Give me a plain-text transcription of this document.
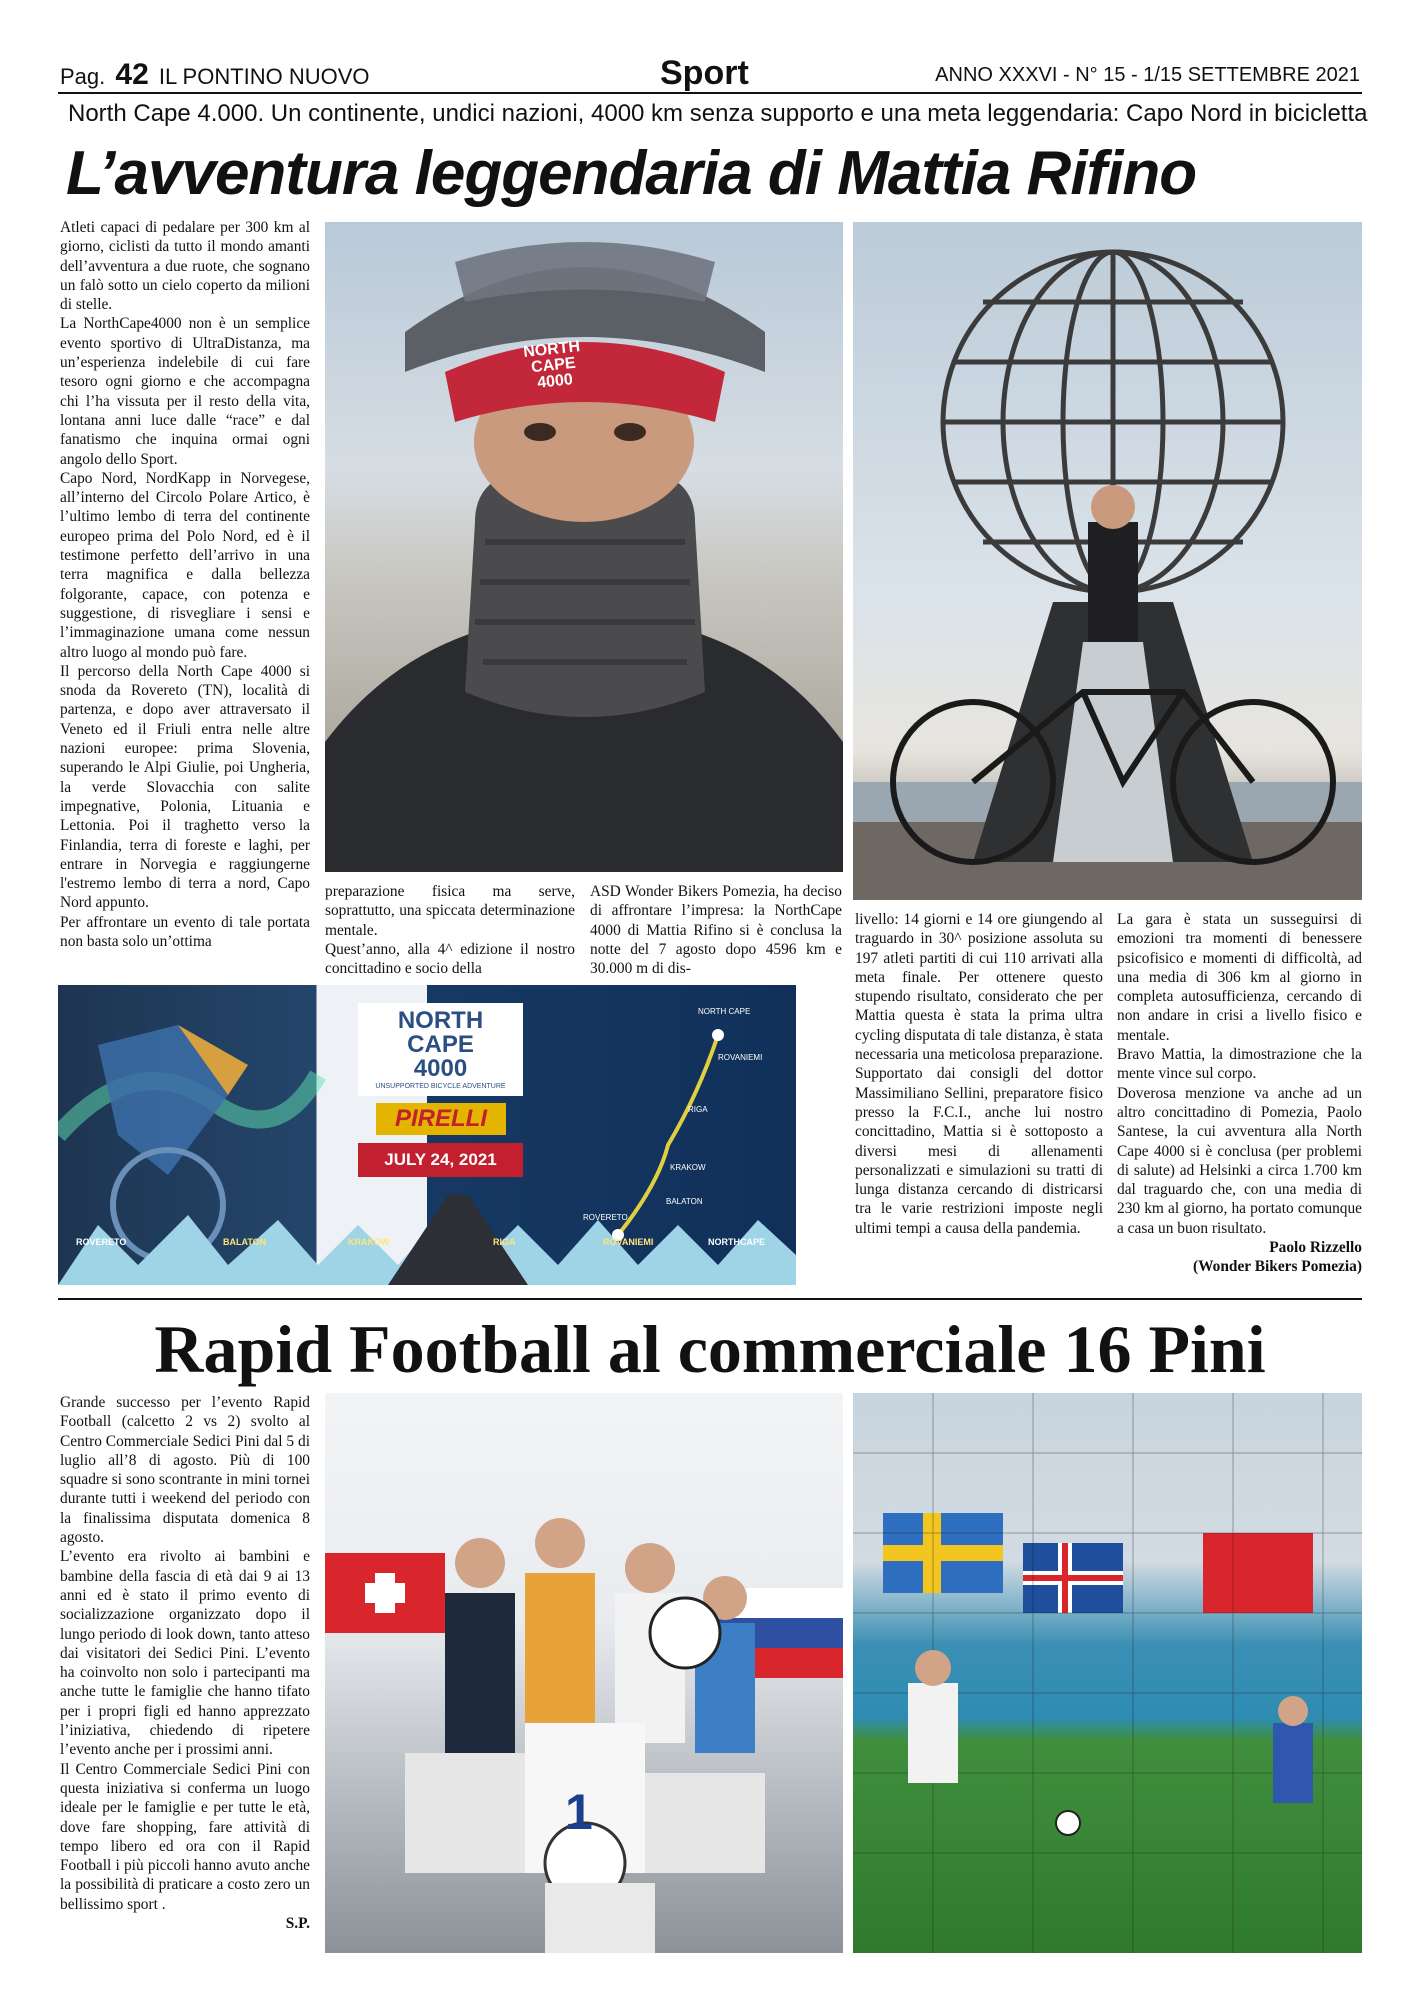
Pag. 42 IL PONTINO NUOVO	Sport	ANNO XXXVI - N° 15 - 1/15 SETTEMBRE 2021
North Cape 4.000. Un continente, undici nazioni, 4000 km senza supporto e una meta leggendaria: Capo Nord in bicicletta
L’avventura leggendaria di Mattia Rifino

Atleti capaci di pedalare per 300 km al giorno, ciclisti da tutto il mondo amanti dell’avventura a due ruote, che sognano un falò sotto un cielo coperto da milioni di stelle.

La NorthCape4000 non è un semplice evento sportivo di UltraDistanza, ma un’esperienza indelebile di cui fare tesoro ogni giorno e che accompagna chi l’ha vissuta per il resto della vita, lontana anni luce dalle “race” e dal fanatismo che inquina ormai ogni angolo dello Sport.

Capo Nord, NordKapp in Norvegese, all’interno del Circolo Polare Artico, è l’ultimo lembo di terra del continente europeo prima del Polo Nord, ed è il testimone perfetto dell’arrivo in una terra magnifica e dalla bellezza folgorante, capace, con potenza e suggestione, di risvegliare i sensi e l’immaginazione umana come nessun altro luogo al mondo può fare.

Il percorso della North Cape 4000 si snoda da Rovereto (TN), località di partenza, e dopo aver attraversato il Veneto ed il Friuli entra nelle altre nazioni europee: prima Slovenia, superando le Alpi Giulie, poi Ungheria, la verde Slovacchia con salite impegnative, Polonia, Lituania e Lettonia. Poi il traghetto verso la Finlandia, terra di foreste e laghi, per entrare in Norvegia e raggiungerne l'estremo lembo di terra a nord, Capo Nord appunto.

Per affrontare un evento di tale portata non basta solo un’ottima

NORTH
CAPE
4000

preparazione fisica ma serve, soprattutto, una spiccata determinazione mentale.

Quest’anno, alla 4^ edizione il nostro concittadino e socio della

ASD Wonder Bikers Pomezia, ha deciso di affrontare l’impresa: la NorthCape 4000 di Mattia Rifino si è conclusa la notte del 7 agosto dopo 4596 km e 30.000 m di dis-

NORTH
CAPE
4000
UNSUPPORTED BICYCLE ADVENTURE
PIRELLI
JULY 24, 2021
NORTH CAPE
ROVANIEMI
RIGA
KRAKOW
BALATON
ROVERETO
ROVERETO	BALATON	KRAKOW	RIGA	ROVANIEMI	NORTHCAPE

livello: 14 giorni e 14 ore giungendo al traguardo in 30^ posizione assoluta su 197 atleti partiti di cui 110 arrivati alla meta finale. Per ottenere questo stupendo risultato, considerato che per Mattia questa è stata la prima ultra cycling disputata di tale distanza, è stata necessaria una meticolosa preparazione. Supportato dai consigli del dottor Massimiliano Sellini, preparatore fisico presso la F.C.I., anche lui nostro concittadino, Mattia si è sottoposto a diversi mesi di allenamenti personalizzati e simulazioni su tratti di lunga distanza cercando di districarsi tra le varie restrizioni imposte negli ultimi tempi a causa della pandemia.

La gara è stata un susseguirsi di emozioni tra momenti di benessere psicofisico e momenti di difficoltà, ad una media di 306 km al giorno in completa autosufficienza, cercando di non andare in crisi a livello fisico e mentale.

Bravo Mattia, la dimostrazione che la mente vince sul corpo.

Doverosa menzione va anche ad un altro concittadino di Pomezia, Paolo Santese, la cui avventura alla North Cape 4000 si è conclusa (per problemi di salute) ad Helsinki a circa 1.700 km dal traguardo che, con una media di 230 km al giorno, ha portato comunque a casa un buon risultato.

Paolo Rizzello

(Wonder Bikers Pomezia)

Rapid Football al commerciale 16 Pini

Grande successo per l’evento Rapid Football (calcetto 2 vs 2) svolto al Centro Commerciale Sedici Pini dal 5 di luglio all’8 di agosto. Più di 100 squadre si sono scontrante in mini tornei durante tutti i weekend del periodo con la finalissima disputata domenica 8 agosto.

L’evento era rivolto ai bambini e bambine della fascia di età dai 9 ai 13 anni ed è stato il primo evento di socializzazione organizzato dopo il lungo periodo di look down, tanto atteso dai visitatori dei Sedici Pini. L’evento ha coinvolto non solo i partecipanti ma anche tutte le famiglie che hanno tifato per i propri figli ed hanno apprezzato l’iniziativa, chiedendo di ripetere l’evento anche per i prossimi anni.

Il Centro Commerciale Sedici Pini con questa iniziativa si conferma un luogo ideale per le famiglie e per tutte le età, dove fare shopping, fare attività di tempo libero ed ora con il Rapid Football i più piccoli hanno avuto anche la possibilità di praticare a costo zero un bellissimo sport .

S.P.

1
